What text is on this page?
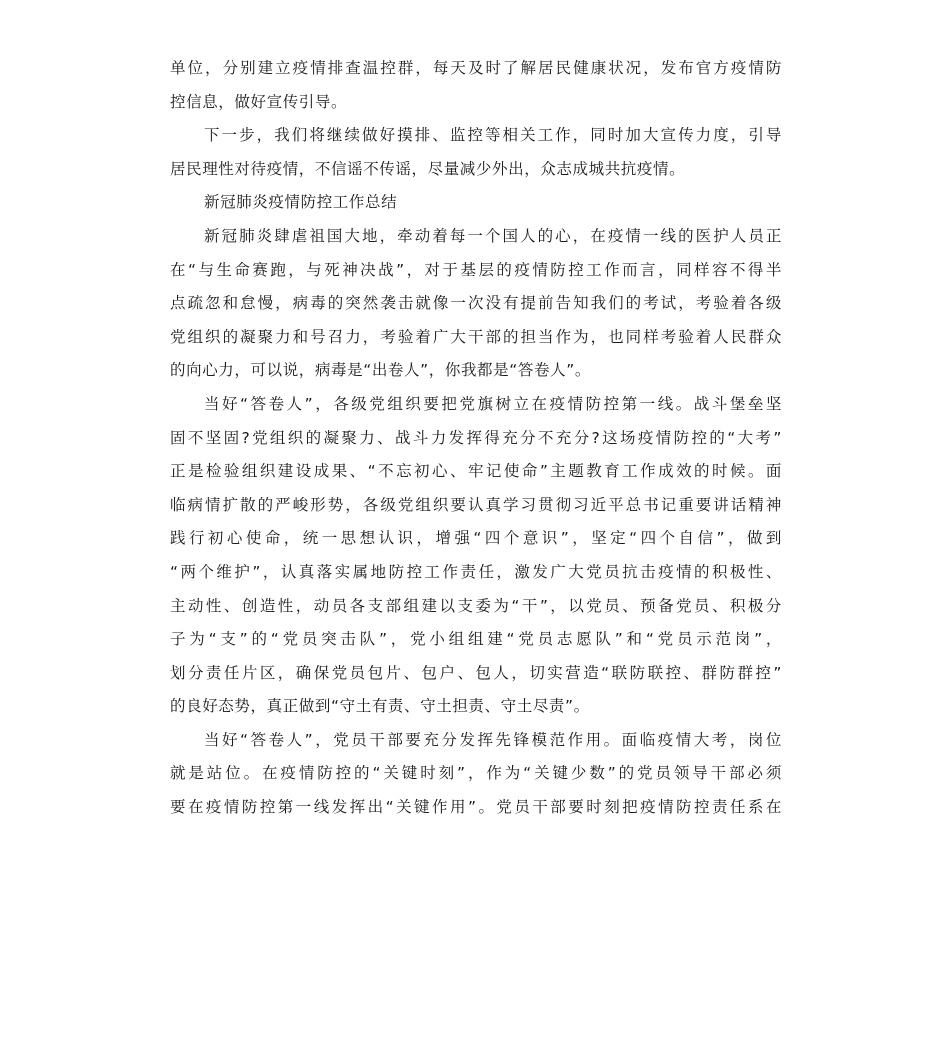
单位，分别建立疫情排查温控群，每天及时了解居民健康状况，发布官方疫情防
控信息，做好宣传引导。
下一步，我们将继续做好摸排、监控等相关工作，同时加大宣传力度，引导
居民理性对待疫情，不信谣不传谣，尽量减少外出，众志成城共抗疫情。
新冠肺炎疫情防控工作总结
新冠肺炎肆虐祖国大地，牵动着每一个国人的心，在疫情一线的医护人员正
在“与生命赛跑，与死神决战”，对于基层的疫情防控工作而言，同样容不得半
点疏忽和怠慢，病毒的突然袭击就像一次没有提前告知我们的考试，考验着各级
党组织的凝聚力和号召力，考验着广大干部的担当作为，也同样考验着人民群众
的向心力，可以说，病毒是“出卷人”，你我都是“答卷人”。
当好“答卷人”，各级党组织要把党旗树立在疫情防控第一线。战斗堡垒坚
固不坚固?党组织的凝聚力、战斗力发挥得充分不充分?这场疫情防控的“大考”
正是检验组织建设成果、“不忘初心、牢记使命”主题教育工作成效的时候。面
临病情扩散的严峻形势，各级党组织要认真学习贯彻习近平总书记重要讲话精神
践行初心使命，统一思想认识，增强“四个意识”，坚定“四个自信”，做到
“两个维护”，认真落实属地防控工作责任，激发广大党员抗击疫情的积极性、
主动性、创造性，动员各支部组建以支委为“干”，以党员、预备党员、积极分
子为“支”的“党员突击队”，党小组组建“党员志愿队”和“党员示范岗”，
划分责任片区，确保党员包片、包户、包人，切实营造“联防联控、群防群控”
的良好态势，真正做到“守土有责、守土担责、守土尽责”。
当好“答卷人”，党员干部要充分发挥先锋模范作用。面临疫情大考，岗位
就是站位。在疫情防控的“关键时刻”，作为“关键少数”的党员领导干部必须
要在疫情防控第一线发挥出“关键作用”。党员干部要时刻把疫情防控责任系在
